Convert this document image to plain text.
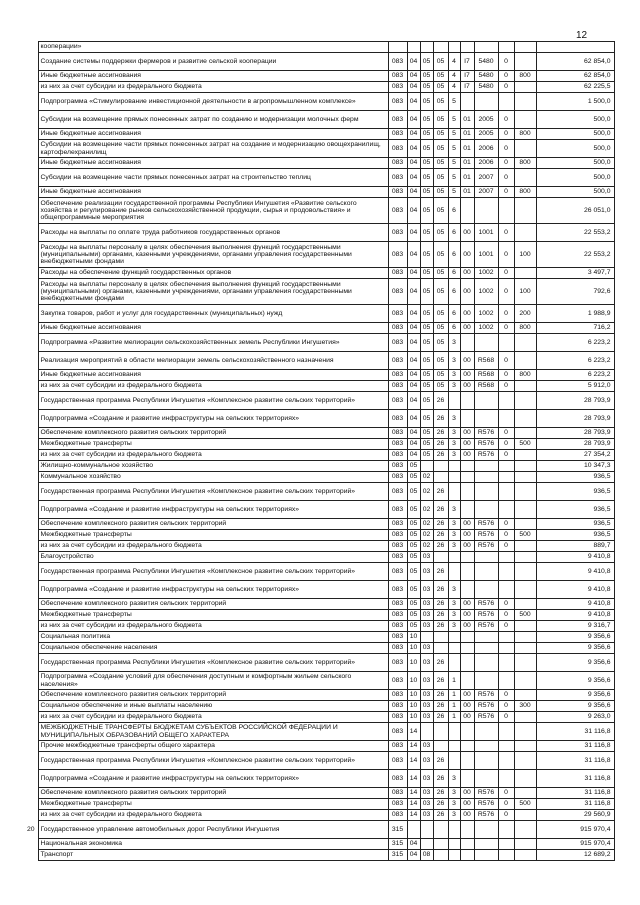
12
	кооперации»										
	Создание системы поддержки фермеров и развитие сельской кооперации	083	04	05	05	4	I7	5480	0		62 854,0
	Иные бюджетные ассигнования	083	04	05	05	4	I7	5480	0	800	62 854,0
	из них за счет субсидии из федерального бюджета	083	04	05	05	4	I7	5480	0		62 225,5
	Подпрограмма «Стимулирование инвестиционной деятельности в агропромышленном комплексе»	083	04	05	05	5					1 500,0
	Субсидии на возмещение прямых понесенных затрат по созданию и модернизации молочных ферм	083	04	05	05	5	01	2005	0		500,0
	Иные бюджетные ассигнования	083	04	05	05	5	01	2005	0	800	500,0
	Субсидии на возмещение части прямых понесенных затрат на создание и модернизацию овощехранилищ, картофелехранилищ	083	04	05	05	5	01	2006	0		500,0
	Иные бюджетные ассигнования	083	04	05	05	5	01	2006	0	800	500,0
	Субсидии на возмещение части прямых понесенных затрат на строительство теплиц	083	04	05	05	5	01	2007	0		500,0
	Иные бюджетные ассигнования	083	04	05	05	5	01	2007	0	800	500,0
	Обеспечение реализации государственной программы Республики Ингушетия «Развитие сельского хозяйства и регулирование рынков сельскохозяйственной продукции, сырья и продовольствия» и общепрограммные мероприятия	083	04	05	05	6					26 051,0
	Расходы на выплаты по оплате труда работников государственных органов	083	04	05	05	6	00	1001	0		22 553,2
	Расходы на выплаты персоналу в целях обеспечения выполнения функций государственными (муниципальными) органами, казенными учреждениями, органами управления государственными внебюджетными фондами	083	04	05	05	6	00	1001	0	100	22 553,2
	Расходы на обеспечение функций государственных органов	083	04	05	05	6	00	1002	0		3 497,7
	Расходы на выплаты персоналу в целях обеспечения выполнения функций государственными (муниципальными) органами, казенными учреждениями, органами управления государственными внебюджетными фондами	083	04	05	05	6	00	1002	0	100	792,6
	Закупка товаров, работ и услуг для государственных (муниципальных) нужд	083	04	05	05	6	00	1002	0	200	1 988,9
	Иные бюджетные ассигнования	083	04	05	05	6	00	1002	0	800	716,2
	Подпрограмма «Развитие мелиорации сельскохозяйственных земель Республики Ингушетия»	083	04	05	05	3					6 223,2
	Реализация мероприятий в области мелиорации земель сельскохозяйственного назначения	083	04	05	05	3	00	R568	0		6 223,2
	Иные бюджетные ассигнования	083	04	05	05	3	00	R568	0	800	6 223,2
	из них за счет субсидии из федерального бюджета	083	04	05	05	3	00	R568	0		5 912,0
	Государственная программа Республики Ингушетия «Комплексное развитие сельских территорий»	083	04	05	26						28 793,9
	Подпрограмма «Создание и развитие инфраструктуры на сельских территориях»	083	04	05	26	3					28 793,9
	Обеспечение комплексного развития сельских территорий	083	04	05	26	3	00	R576	0		28 793,9
	Межбюджетные трансферты	083	04	05	26	3	00	R576	0	500	28 793,9
	из них за счет субсидии из федерального бюджета	083	04	05	26	3	00	R576	0		27 354,2
	Жилищно-коммунальное хозяйство	083	05								10 347,3
	Коммунальное хозяйство	083	05	02							936,5
	Государственная программа Республики Ингушетия «Комплексное развитие сельских территорий»	083	05	02	26						936,5
	Подпрограмма «Создание и развитие инфраструктуры на сельских территориях»	083	05	02	26	3					936,5
	Обеспечение комплексного развития сельских территорий	083	05	02	26	3	00	R576	0		936,5
	Межбюджетные трансферты	083	05	02	26	3	00	R576	0	500	936,5
	из них за счет субсидии из федерального бюджета	083	05	02	26	3	00	R576	0		889,7
	Благоустройство	083	05	03							9 410,8
	Государственная программа Республики Ингушетия «Комплексное развитие сельских территорий»	083	05	03	26						9 410,8
	Подпрограмма «Создание и развитие инфраструктуры на сельских территориях»	083	05	03	26	3					9 410,8
	Обеспечение комплексного развития сельских территорий	083	05	03	26	3	00	R576	0		9 410,8
	Межбюджетные трансферты	083	05	03	26	3	00	R576	0	500	9 410,8
	из них за счет субсидии из федерального бюджета	083	05	03	26	3	00	R576	0		9 316,7
	Социальная политика	083	10								9 356,6
	Социальное обеспечение населения	083	10	03							9 356,6
	Государственная программа Республики Ингушетия «Комплексное развитие сельских территорий»	083	10	03	26						9 356,6
	Подпрограмма «Создание условий для обеспечения доступным и комфортным жильем сельского населения»	083	10	03	26	1					9 356,6
	Обеспечение комплексного развития сельских территорий	083	10	03	26	1	00	R576	0		9 356,6
	Социальное обеспечение и иные выплаты населению	083	10	03	26	1	00	R576	0	300	9 356,6
	из них за счет субсидии из федерального бюджета	083	10	03	26	1	00	R576	0		9 263,0
	МЕЖБЮДЖЕТНЫЕ ТРАНСФЕРТЫ БЮДЖЕТАМ СУБЪЕКТОВ РОССИЙСКОЙ ФЕДЕРАЦИИ И МУНИЦИПАЛЬНЫХ ОБРАЗОВАНИЙ ОБЩЕГО ХАРАКТЕРА	083	14								31 116,8
	Прочие межбюджетные трансферты общего характера	083	14	03							31 116,8
	Государственная программа Республики Ингушетия «Комплексное развитие сельских территорий»	083	14	03	26						31 116,8
	Подпрограмма «Создание и развитие инфраструктуры на сельских территориях»	083	14	03	26	3					31 116,8
	Обеспечение комплексного развития сельских территорий	083	14	03	26	3	00	R576	0		31 116,8
	Межбюджетные трансферты	083	14	03	26	3	00	R576	0	500	31 116,8
	из них за счет субсидии из федерального бюджета	083	14	03	26	3	00	R576	0		29 560,9
20	Государственное управление автомобильных дорог Республики Ингушетия	315									915 970,4
	Национальная экономика	315	04								915 970,4
	Транспорт	315	04	08							12 689,2
